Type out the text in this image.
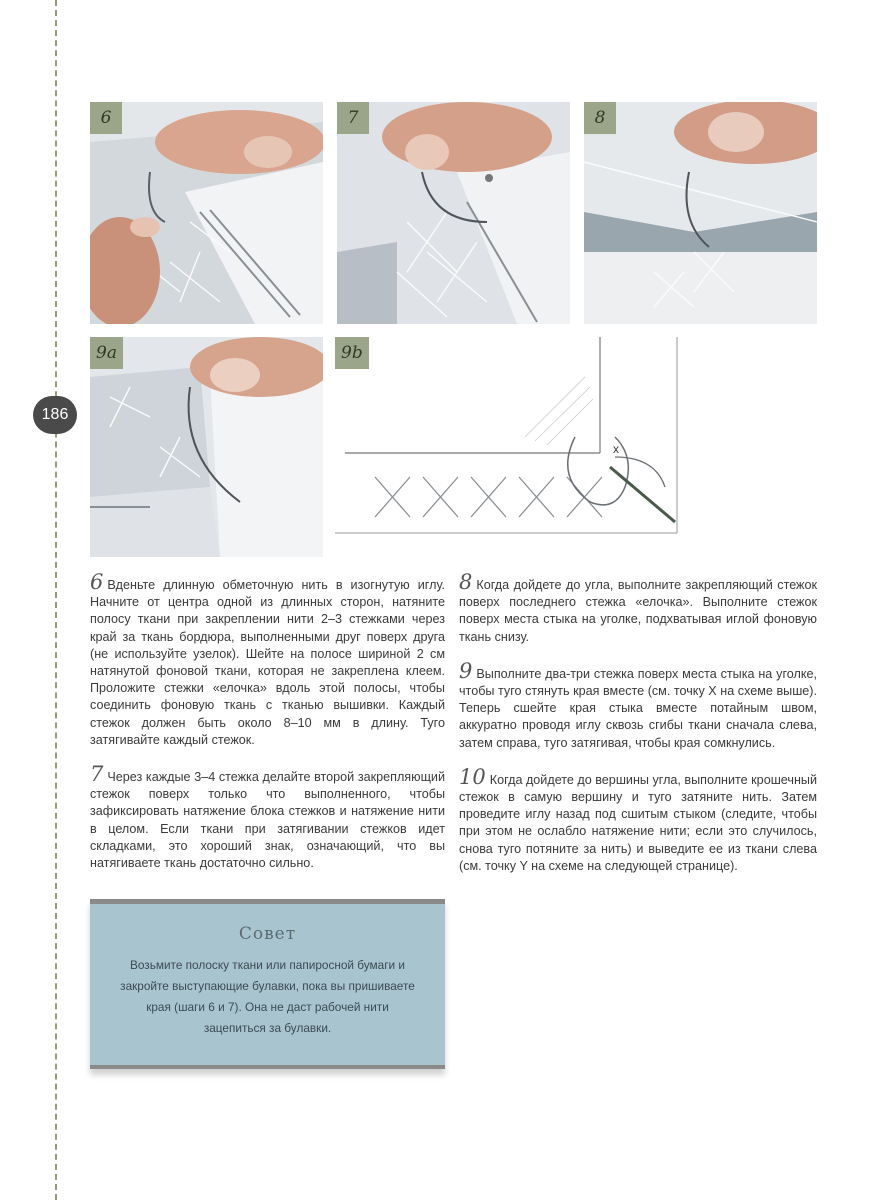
186
6	7	8
9a
x
9b

6 Вденьте длинную обметочную нить в изогнутую иглу. Начните от центра одной из длинных сторон, натяните полосу ткани при закреплении нити 2–3 стежками через край за ткань бордюра, выполненными друг поверх друга (не используйте узелок). Шейте на полосе шириной 2 см натянутой фоновой ткани, которая не закреплена клеем. Проложите стежки «елочка» вдоль этой полосы, чтобы соединить фоновую ткань с тканью вышивки. Каждый стежок должен быть около 8–10 мм в длину. Туго затягивайте каждый стежок.

7 Через каждые 3–4 стежка делайте второй закрепляющий стежок поверх только что выполненного, чтобы зафиксировать натяжение блока стежков и натяжение нити в целом. Если ткани при затягивании стежков идет складками, это хороший знак, означающий, что вы натягиваете ткань достаточно сильно.

8 Когда дойдете до угла, выполните закрепляющий стежок поверх последнего стежка «елочка». Выполните стежок поверх места стыка на уголке, подхватывая иглой фоновую ткань снизу.

9 Выполните два-три стежка поверх места стыка на уголке, чтобы туго стянуть края вместе (см. точку X на схеме выше). Теперь сшейте края стыка вместе потайным швом, аккуратно проводя иглу сквозь сгибы ткани сначала слева, затем справа, туго затягивая, чтобы края сомкнулись.

10 Когда дойдете до вершины угла, выполните крошечный стежок в самую вершину и туго затяните нить. Затем проведите иглу назад под сшитым стыком (следите, чтобы при этом не ослабло натяжение нити; если это случилось, снова туго потяните за нить) и выведите ее из ткани слева (см. точку Y на схеме на следующей странице).

Совет
Возьмите полоску ткани или папиросной бумаги и закройте выступающие булавки, пока вы пришиваете края (шаги 6 и 7). Она не даст рабочей нити зацепиться за булавки.
